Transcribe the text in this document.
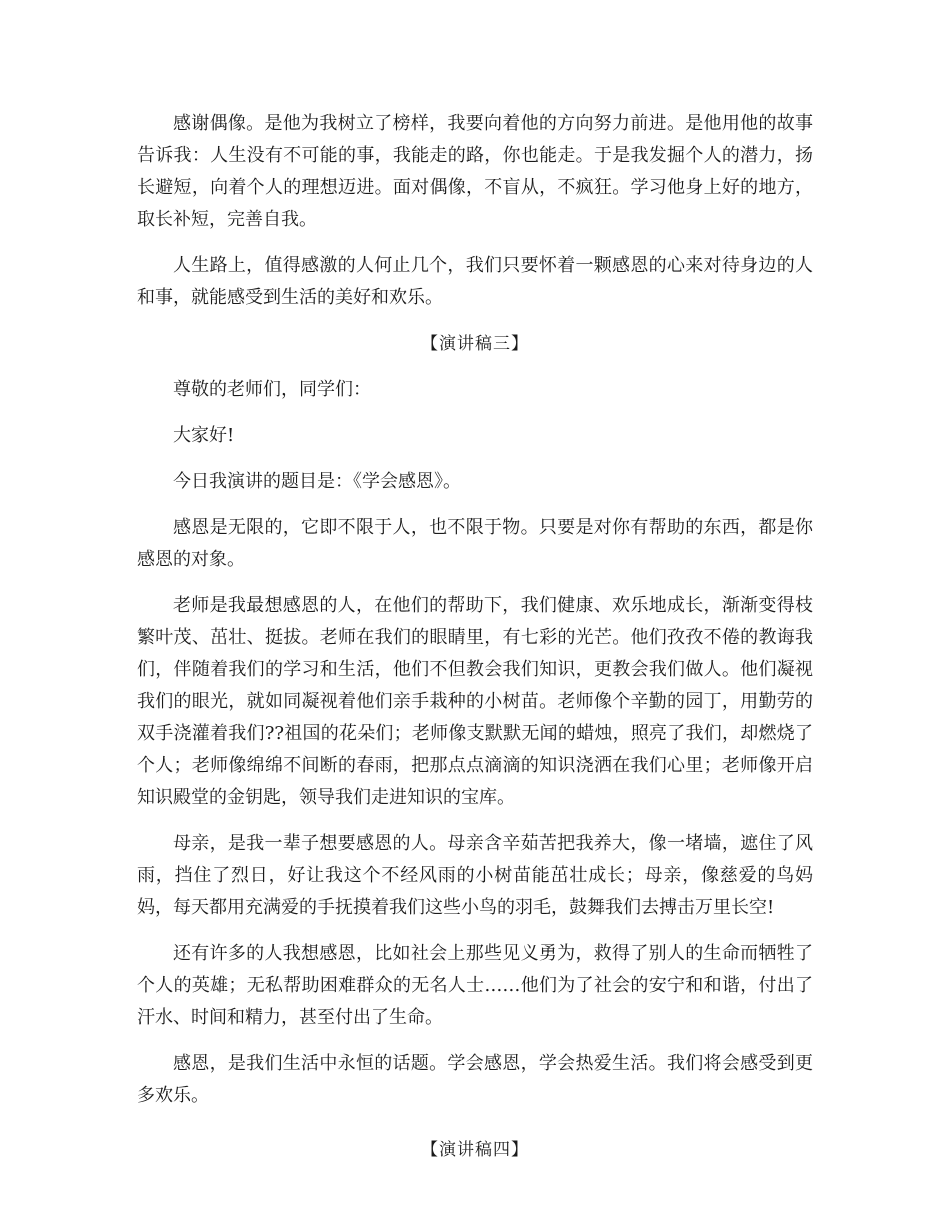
感谢偶像。是他为我树立了榜样，我要向着他的方向努力前进。是他用他的故事告诉我：人生没有不可能的事，我能走的路，你也能走。于是我发掘个人的潜力，扬长避短，向着个人的理想迈进。面对偶像，不盲从，不疯狂。学习他身上好的地方，取长补短，完善自我。

人生路上，值得感激的人何止几个，我们只要怀着一颗感恩的心来对待身边的人和事，就能感受到生活的美好和欢乐。

【演讲稿三】

尊敬的老师们，同学们：

大家好!

今日我演讲的题目是：《学会感恩》。

感恩是无限的，它即不限于人，也不限于物。只要是对你有帮助的东西，都是你感恩的对象。

老师是我最想感恩的人，在他们的帮助下，我们健康、欢乐地成长，渐渐变得枝繁叶茂、茁壮、挺拔。老师在我们的眼睛里，有七彩的光芒。他们孜孜不倦的教诲我们，伴随着我们的学习和生活，他们不但教会我们知识，更教会我们做人。他们凝视我们的眼光，就如同凝视着他们亲手栽种的小树苗。老师像个辛勤的园丁，用勤劳的双手浇灌着我们??祖国的花朵们；老师像支默默无闻的蜡烛，照亮了我们，却燃烧了个人；老师像绵绵不间断的春雨，把那点点滴滴的知识浇洒在我们心里；老师像开启知识殿堂的金钥匙，领导我们走进知识的宝库。

母亲，是我一辈子想要感恩的人。母亲含辛茹苦把我养大，像一堵墙，遮住了风雨，挡住了烈日，好让我这个不经风雨的小树苗能茁壮成长；母亲，像慈爱的鸟妈妈，每天都用充满爱的手抚摸着我们这些小鸟的羽毛，鼓舞我们去搏击万里长空!

还有许多的人我想感恩，比如社会上那些见义勇为，救得了别人的生命而牺牲了个人的英雄；无私帮助困难群众的无名人士……他们为了社会的安宁和和谐，付出了汗水、时间和精力，甚至付出了生命。

感恩，是我们生活中永恒的话题。学会感恩，学会热爱生活。我们将会感受到更多欢乐。

【演讲稿四】
